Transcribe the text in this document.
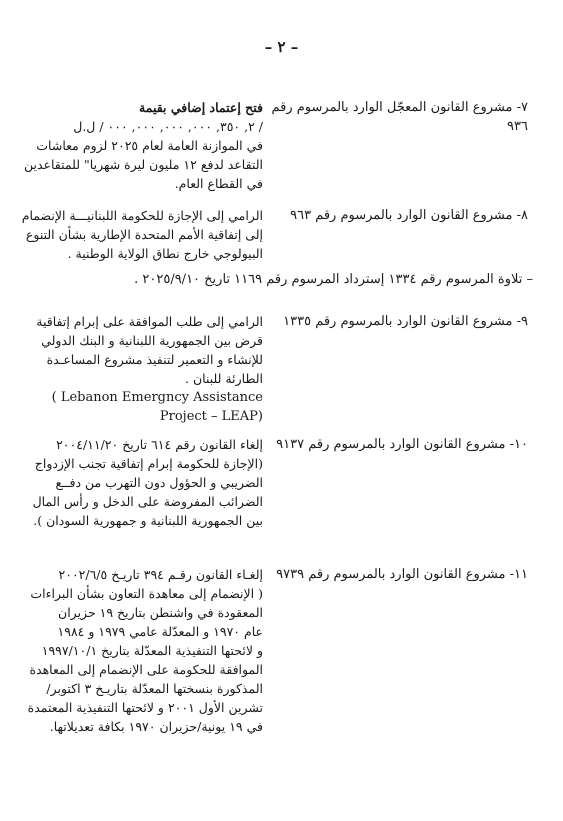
– ٢ –
٧- مشروع القانون المعجّل الوارد بالمرسوم رقم ٩٣٦
فتح إعتماد إضافي بقيمة
/ ٢, ٣٥٠, ٠٠٠, ٠٠٠, ٠٠٠, ٠٠٠ / ل.ل
في الموازنة العامة لعام ٢٠٢٥ لزوم معاشات
التقاعد لدفع ١٢ مليون ليرة شهريا" للمتقاعدين
في القطاع العام.
٨- مشروع القانون الوارد بالمرسوم رقم ٩٦٣
الرامي إلى الإجازة للحكومة اللبنانيـــة الإنضمام
إلى إتفاقية الأمم المتحدة الإطارية بشأن التنوع
البيولوجي خارج نطاق الولاية الوطنية .
– تلاوة المرسوم رقم ١٣٣٤ إسترداد المرسوم رقم ١١٦٩ تاريخ ٢٠٢٥/٩/١٠ .
٩- مشروع القانون الوارد بالمرسوم رقم ١٣٣٥
الرامي إلى طلب الموافقة على إبرام إتفاقية
قرض بين الجمهورية اللبنانية و البنك الدولي
للإنشاء و التعمير لتنفيذ مشروع المساعـدة
الطارئة للبنان .
( Lebanon Emergncy Assistance
Project – LEAP)
١٠- مشروع القانون الوارد بالمرسوم رقم ٩١٣٧
إلغاء القانون رقم ٦١٤ تاريخ ٢٠٠٤/١١/٢٠
(الإجازة للحكومة إبرام إتفاقية تجنب الإزدواج
الضريبي و الحؤول دون التهرب من دفــع
الضرائب المفروضة على الدخل و رأس المال
بين الجمهورية اللبنانية و جمهورية السودان ).
١١- مشروع القانون الوارد بالمرسوم رقم ٩٧٣٩
إلغـاء القانون رقـم ٣٩٤ تاريـخ ٢٠٠٢/٦/٥
( الإنضمام إلى معاهدة التعاون بشأن البراءات
المعقودة في واشنطن بتاريخ ١٩ حزيران
عام ١٩٧٠ و المعدّلة عامي ١٩٧٩ و ١٩٨٤
و لائحتها التنفيذية المعدّلة بتاريخ ١٩٩٧/١٠/١
الموافقة للحكومة على الإنضمام إلى المعاهدة
المذكورة بنسختها المعدّلة بتاريـخ ٣ اكتوبر/
تشرين الأول ٢٠٠١ و لائحتها التنفيذية المعتمدة
في ١٩ يونية/حزيران ١٩٧٠ بكافة تعديلاتها.
